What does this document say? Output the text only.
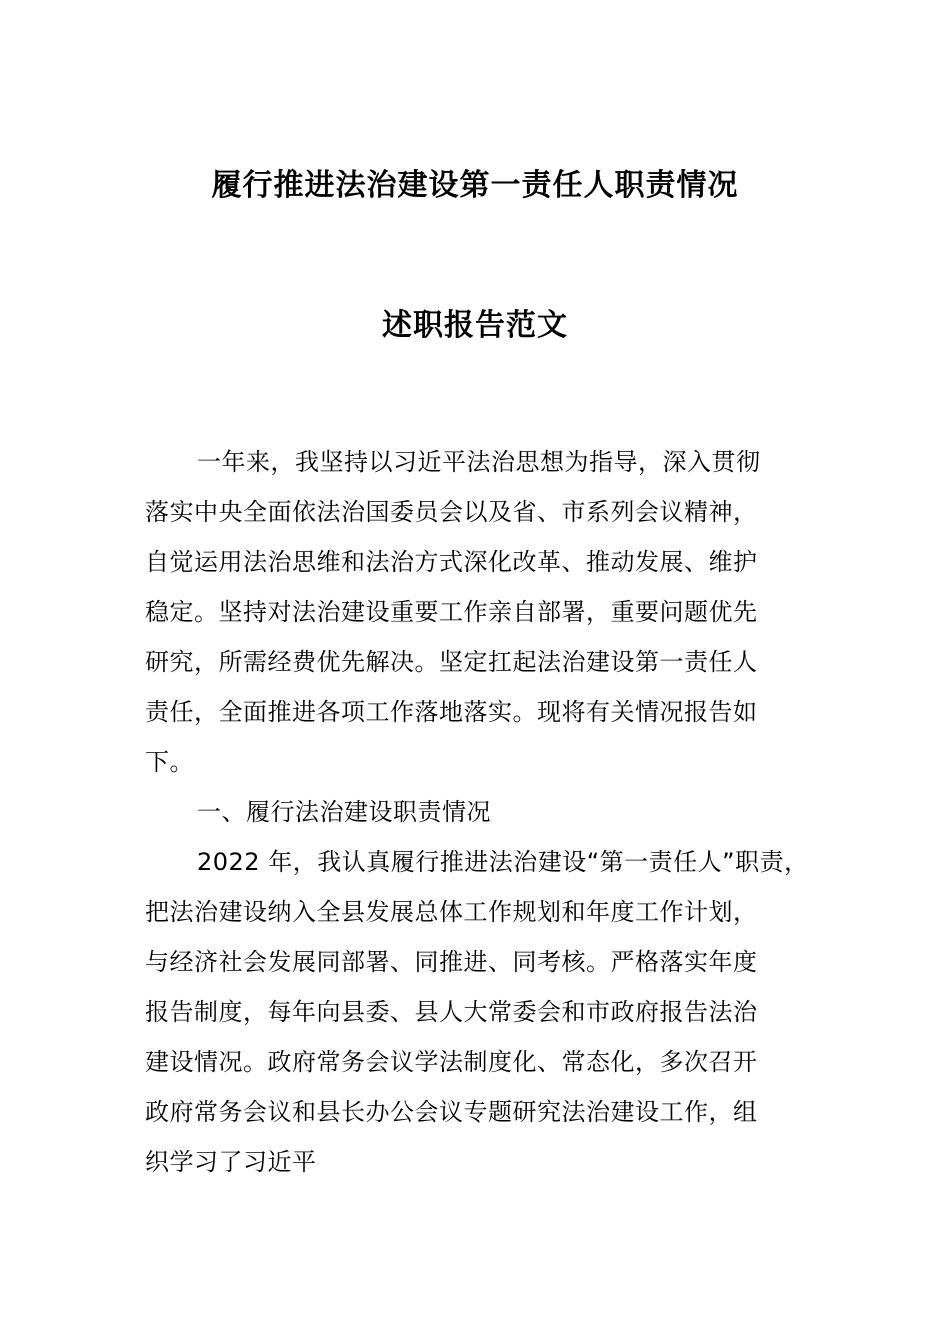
履行推进法治建设第一责任人职责情况
述职报告范文
一年来，我坚持以习近平法治思想为指导，深入贯彻
落实中央全面依法治国委员会以及省、市系列会议精神，
自觉运用法治思维和法治方式深化改革、推动发展、维护
稳定。坚持对法治建设重要工作亲自部署，重要问题优先
研究，所需经费优先解决。坚定扛起法治建设第一责任人
责任，全面推进各项工作落地落实。现将有关情况报告如
下。
一、履行法治建设职责情况
2022 年，我认真履行推进法治建设“第一责任人”职责，
把法治建设纳入全县发展总体工作规划和年度工作计划，
与经济社会发展同部署、同推进、同考核。严格落实年度
报告制度，每年向县委、县人大常委会和市政府报告法治
建设情况。政府常务会议学法制度化、常态化，多次召开
政府常务会议和县长办公会议专题研究法治建设工作，组
织学习了习近平
